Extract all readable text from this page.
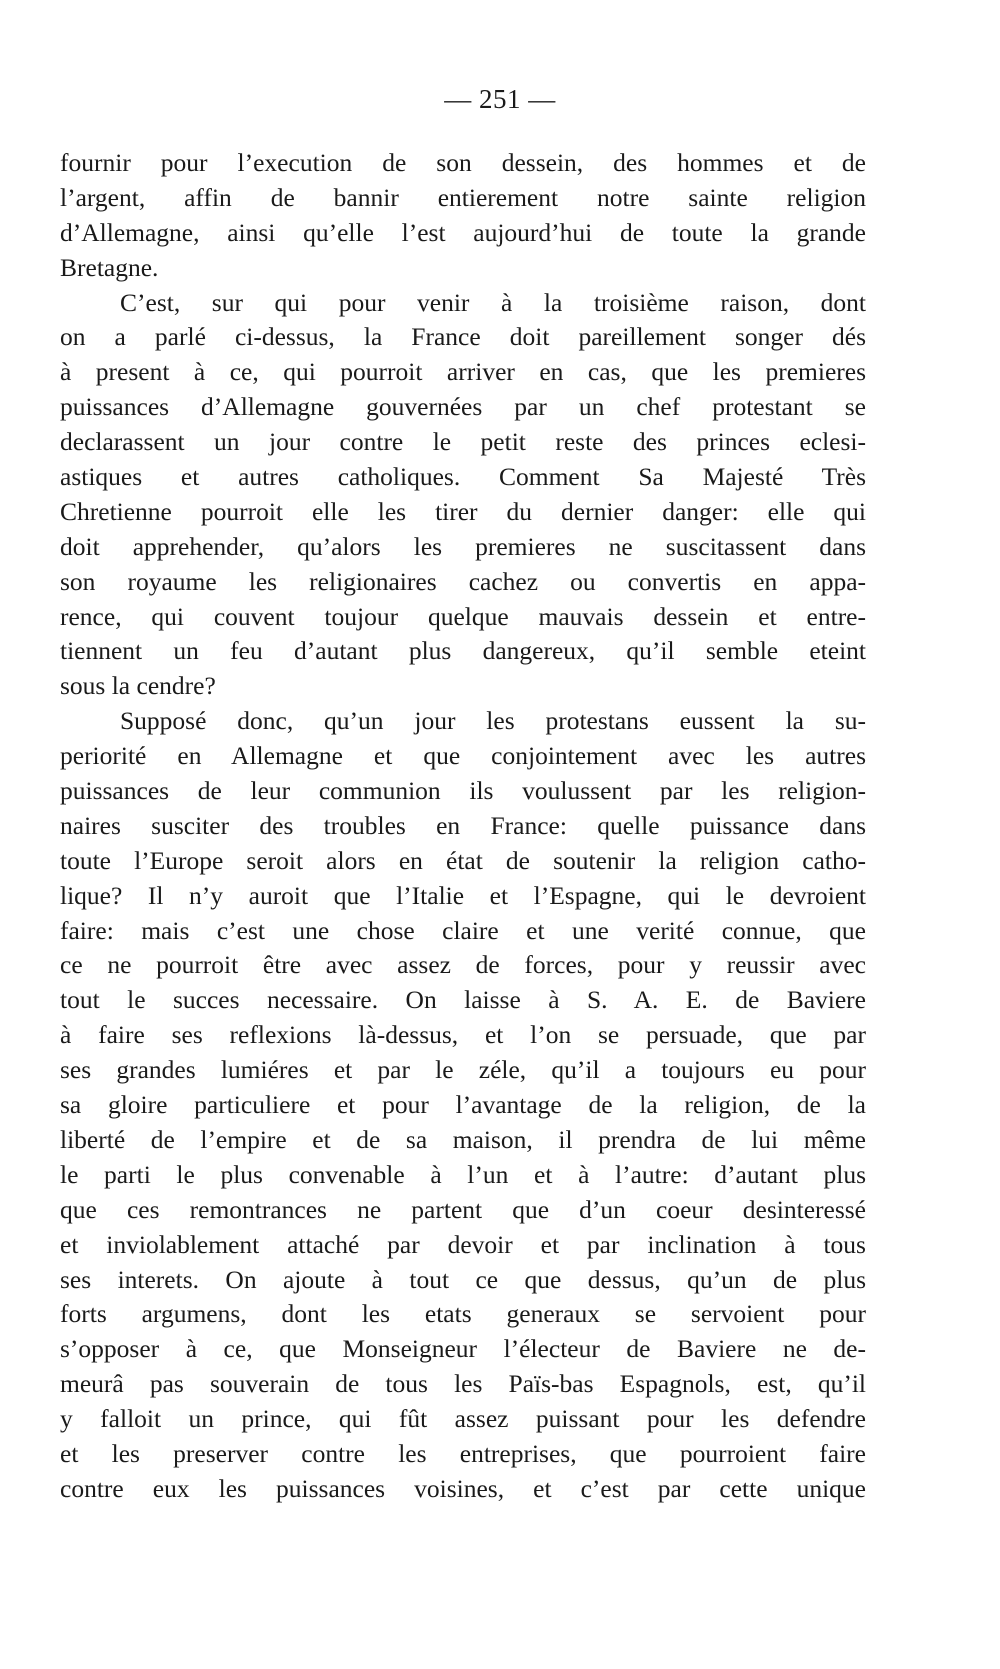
— 251 —
fournir pour l’execution de son dessein, des hommes et de
l’argent, affin de bannir entierement notre sainte religion
d’Allemagne, ainsi qu’elle l’est aujourd’hui de toute la grande
Bretagne.
C’est, sur qui pour venir à la troisième raison, dont
on a parlé ci-dessus, la France doit pareillement songer dés
à present à ce, qui pourroit arriver en cas, que les premieres
puissances d’Allemagne gouvernées par un chef protestant se
declarassent un jour contre le petit reste des princes eclesi-
astiques et autres catholiques. Comment Sa Majesté Très
Chretienne pourroit elle les tirer du dernier danger: elle qui
doit apprehender, qu’alors les premieres ne suscitassent dans
son royaume les religionaires cachez ou convertis en appa-
rence, qui couvent toujour quelque mauvais dessein et entre-
tiennent un feu d’autant plus dangereux, qu’il semble eteint
sous la cendre?
Supposé donc, qu’un jour les protestans eussent la su-
periorité en Allemagne et que conjointement avec les autres
puissances de leur communion ils voulussent par les religion-
naires susciter des troubles en France: quelle puissance dans
toute l’Europe seroit alors en état de soutenir la religion catho-
lique? Il n’y auroit que l’Italie et l’Espagne, qui le devroient
faire: mais c’est une chose claire et une verité connue, que
ce ne pourroit être avec assez de forces, pour y reussir avec
tout le succes necessaire. On laisse à S. A. E. de Baviere
à faire ses reflexions là-dessus, et l’on se persuade, que par
ses grandes lumiéres et par le zéle, qu’il a toujours eu pour
sa gloire particuliere et pour l’avantage de la religion, de la
liberté de l’empire et de sa maison, il prendra de lui même
le parti le plus convenable à l’un et à l’autre: d’autant plus
que ces remontrances ne partent que d’un coeur desinteressé
et inviolablement attaché par devoir et par inclination à tous
ses interets. On ajoute à tout ce que dessus, qu’un de plus
forts argumens, dont les etats generaux se servoient pour
s’opposer à ce, que Monseigneur l’électeur de Baviere ne de-
meurâ pas souverain de tous les Païs-bas Espagnols, est, qu’il
y falloit un prince, qui fût assez puissant pour les defendre
et les preserver contre les entreprises, que pourroient faire
contre eux les puissances voisines, et c’est par cette unique
